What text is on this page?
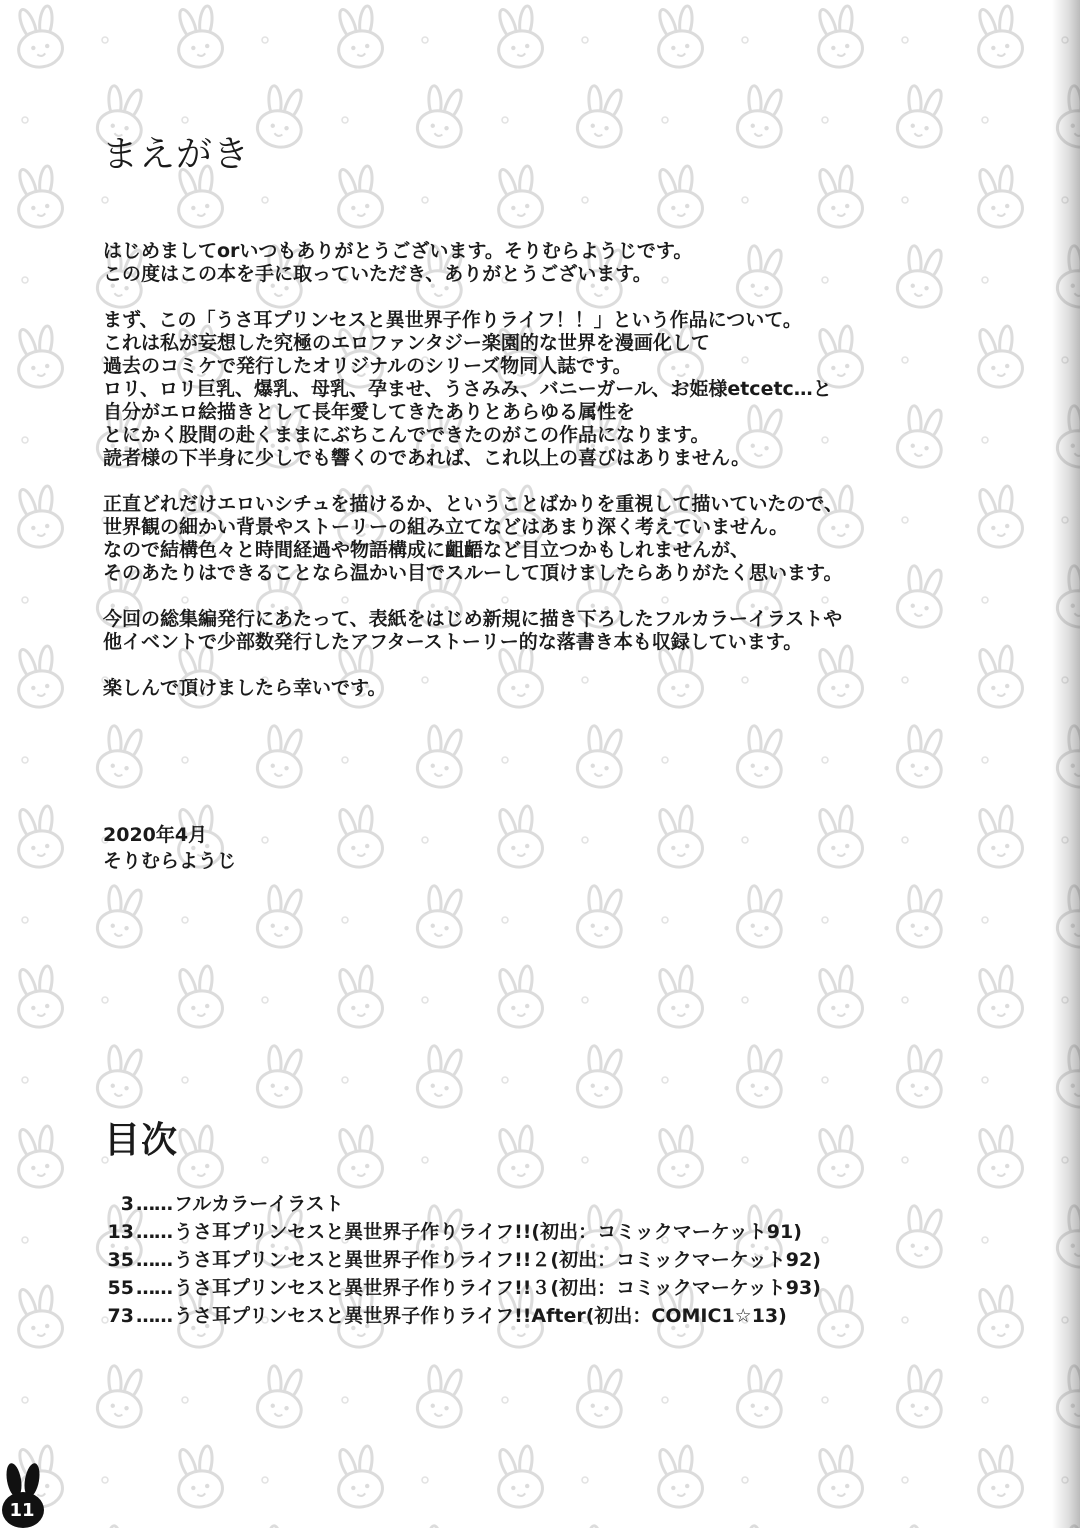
まえがき

はじめましてorいつもありがとうございます。そりむらようじです。
この度はこの本を手に取っていただき、ありがとうございます。

まず、この「うさ耳プリンセスと異世界子作りライフ！！」という作品について。
これは私が妄想した究極のエロファンタジー楽園的な世界を漫画化して
過去のコミケで発行したオリジナルのシリーズ物同人誌です。
ロリ、ロリ巨乳、爆乳、母乳、孕ませ、うさみみ、バニーガール、お姫様etcetc…と
自分がエロ絵描きとして長年愛してきたありとあらゆる属性を
とにかく股間の赴くままにぶちこんでできたのがこの作品になります。
読者様の下半身に少しでも響くのであれば、これ以上の喜びはありません。

正直どれだけエロいシチュを描けるか、ということばかりを重視して描いていたので、
世界観の細かい背景やストーリーの組み立てなどはあまり深く考えていません。
なので結構色々と時間経過や物語構成に齟齬など目立つかもしれませんが、
そのあたりはできることなら温かい目でスルーして頂けましたらありがたく思います。

今回の総集編発行にあたって、表紙をはじめ新規に描き下ろしたフルカラーイラストや
他イベントで少部数発行したアフターストーリー的な落書き本も収録しています。

楽しんで頂けましたら幸いです。

2020年4月
そりむらようじ
目次
3 …… フルカラーイラスト
13 …… うさ耳プリンセスと異世界子作りライフ!!(初出：コミックマーケット91)
35 …… うさ耳プリンセスと異世界子作りライフ!!２(初出：コミックマーケット92)
55 …… うさ耳プリンセスと異世界子作りライフ!!３(初出：コミックマーケット93)
73 …… うさ耳プリンセスと異世界子作りライフ!!After(初出：COMIC1☆13)
11
